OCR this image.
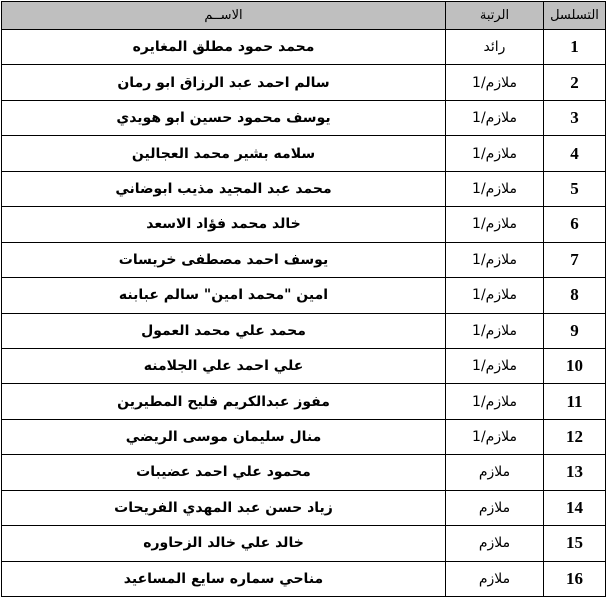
التسلسل	الرتبة	الاســم
1	رائد	محمد حمود مطلق المغايره
2	ملازم/1	سالم احمد عبد الرزاق ابو رمان
3	ملازم/1	يوسف محمود حسين ابو هويدي
4	ملازم/1	سلامه بشير محمد العجالين
5	ملازم/1	محمد عبد المجيد مذيب ابوضاني
6	ملازم/1	خالد محمد فؤاد الاسعد
7	ملازم/1	يوسف احمد مصطفى خريسات
8	ملازم/1	امين "محمد امين" سالم عبابنه
9	ملازم/1	محمد علي محمد العمول
10	ملازم/1	علي احمد علي الجلامنه
11	ملازم/1	مفوز عبدالكريم فليح المطيرين
12	ملازم/1	منال سليمان موسى الريضي
13	ملازم	محمود علي احمد عضيبات
14	ملازم	زياد حسن عبد المهدي الفريحات
15	ملازم	خالد علي خالد الزحاوره
16	ملازم	مناحي سماره سايع المساعيد
